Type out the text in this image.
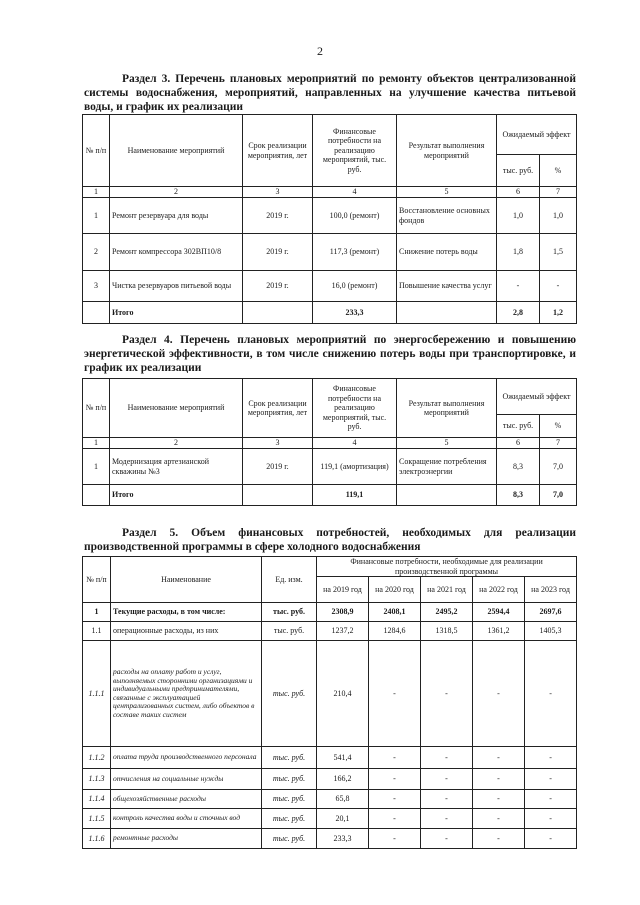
2
Раздел 3. Перечень плановых мероприятий по ремонту объектов централизованной системы водоснабжения, мероприятий, направленных на улучшение качества питьевой воды, и график их реализации
№ п/п	Наименование мероприятий	Срок реализации мероприятия, лет	Финансовые потребности на реализацию мероприятий, тыс. руб.	Результат выполнения мероприятий	Ожидаемый эффект	
					тыс. руб.	%
1	2	3	4	5	6	7
1	Ремонт резервуара для воды	2019 г.	100,0 (ремонт)	Восстановление основных фондов	1,0	1,0
2	Ремонт компрессора 302ВП10/8	2019 г.	117,3 (ремонт)	Снижение потерь воды	1,8	1,5
3	Чистка резервуаров питьевой воды	2019 г.	16,0 (ремонт)	Повышение качества услуг	-	-
	Итого		233,3		2,8	1,2
Раздел 4. Перечень плановых мероприятий по энергосбережению и повышению энергетической эффективности, в том числе снижению потерь воды при транспортировке, и график их реализации
№ п/п	Наименование мероприятий	Срок реализации мероприятия, лет	Финансовые потребности на реализацию мероприятий, тыс. руб.	Результат выполнения мероприятий	Ожидаемый эффект	
					тыс. руб.	%
1	2	3	4	5	6	7
1	Модернизация артезианской скважины №3	2019 г.	119,1 (амортизация)	Сокращение потребления электроэнергии	8,3	7,0
	Итого		119,1		8,3	7,0
Раздел 5. Объем финансовых потребностей, необходимых для реализации производственной программы в сфере холодного водоснабжения
№ п/п	Наименование	Ед. изм.	Финансовые потребности, необходимые для реализации производственной программы				
			на 2019 год	на 2020 год	на 2021 год	на 2022 год	на 2023 год
1	Текущие расходы, в том числе:	тыс. руб.	2308,9	2408,1	2495,2	2594,4	2697,6
1.1	операционные расходы, из них	тыс. руб.	1237,2	1284,6	1318,5	1361,2	1405,3
1.1.1	расходы на оплату работ и услуг, выполняемых сторонними организациями и индивидуальными предпринимателями, связанные с эксплуатацией централизованных систем, либо объектов в составе таких систем	тыс. руб.	210,4	-	-	-	-
1.1.2	оплата труда производственного персонала	тыс. руб.	541,4	-	-	-	-
1.1.3	отчисления на социальные нужды	тыс. руб.	166,2	-	-	-	-
1.1.4	общехозяйственные расходы	тыс. руб.	65,8	-	-	-	-
1.1.5	контроль качества воды и сточных вод	тыс. руб.	20,1	-	-	-	-
1.1.6	ремонтные расходы	тыс. руб.	233,3	-	-	-	-
